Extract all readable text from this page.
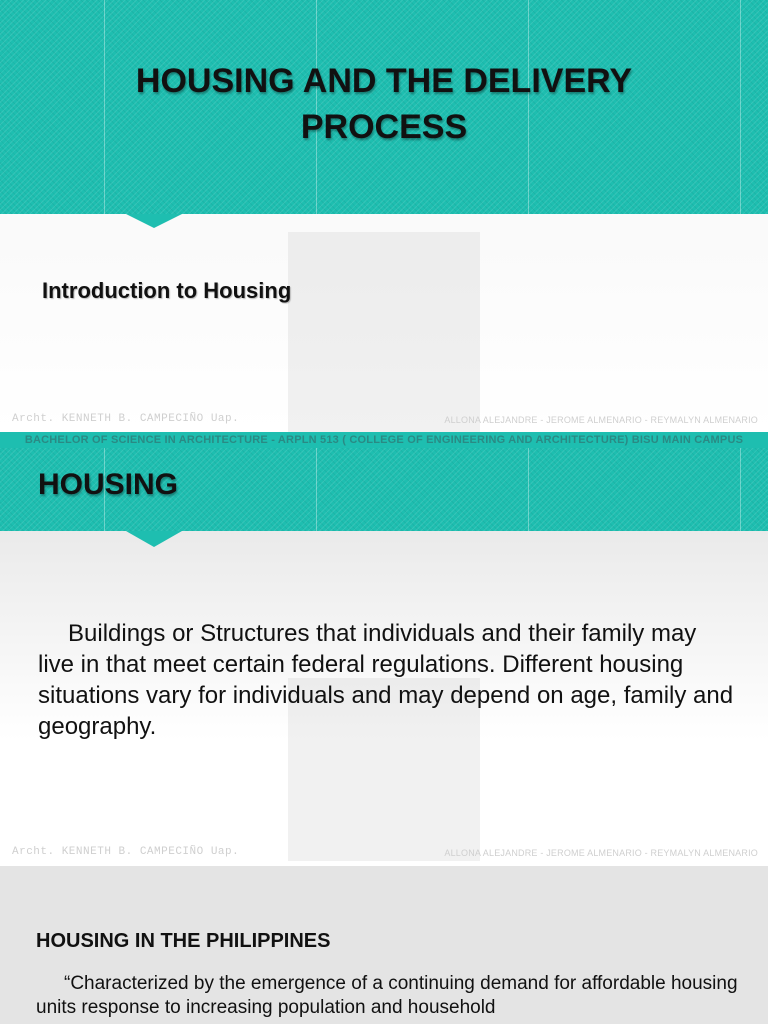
HOUSING AND THE DELIVERY PROCESS
Introduction to Housing
Archt. KENNETH B. CAMPECIÑO Uap.	ALLONA ALEJANDRE - JEROME ALMENARIO - REYMALYN ALMENARIO
BACHELOR OF SCIENCE IN ARCHITECTURE - ARPLN 513 ( COLLEGE OF ENGINEERING AND ARCHITECTURE) BISU MAIN CAMPUS
HOUSING

Buildings or Structures that individuals and their family may live in that meet certain federal regulations. Different housing situations vary for individuals and may depend on age, family and geography.

Archt. KENNETH B. CAMPECIÑO Uap.	ALLONA ALEJANDRE - JEROME ALMENARIO - REYMALYN ALMENARIO
HOUSING IN THE PHILIPPINES

“Characterized by the emergence of a continuing demand for affordable housing units response to increasing population and household
